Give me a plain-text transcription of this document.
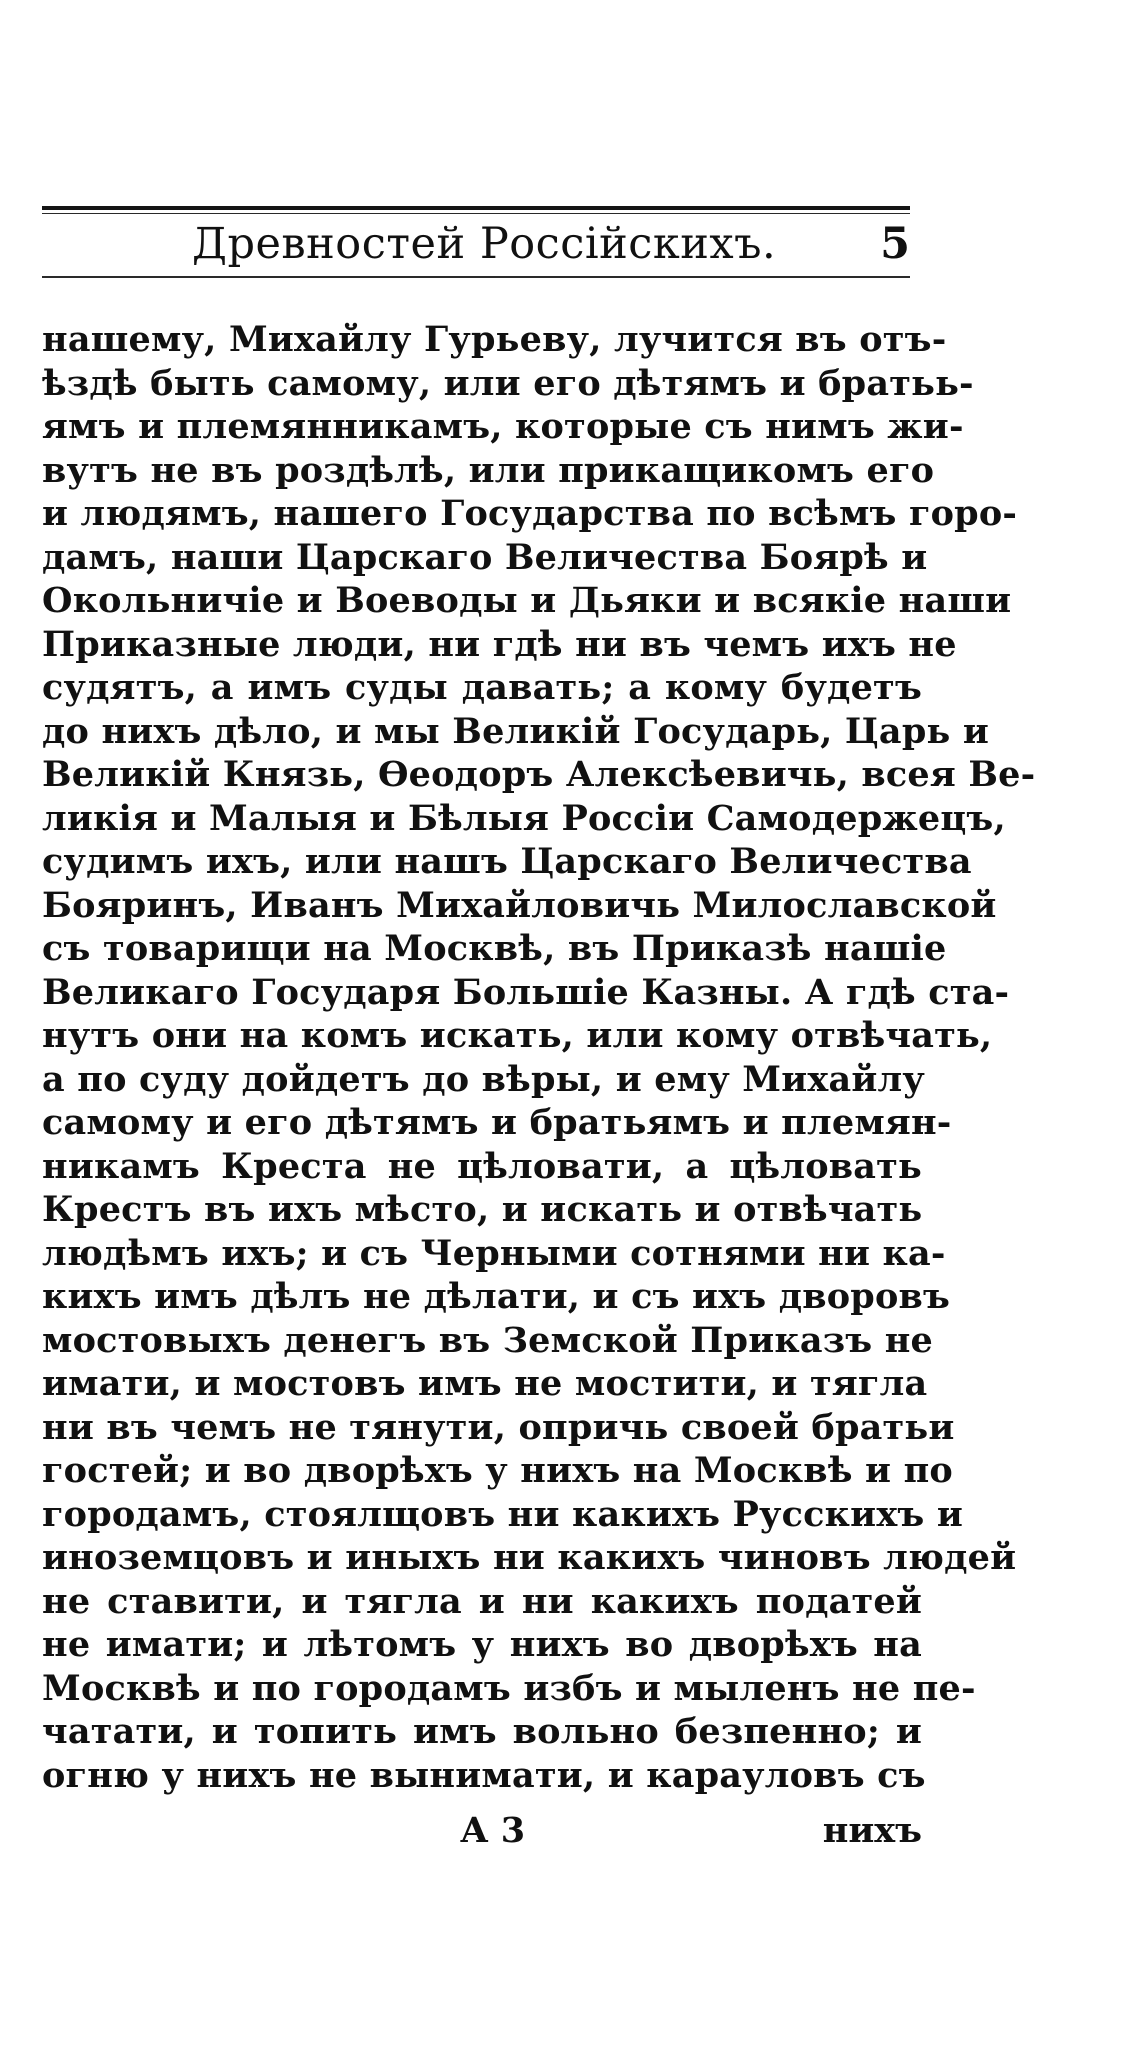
Древностей Россійскихъ. 5
нашему, Михайлу Гурьеву, лучится въ отъ-
ѣздѣ быть самому, или его дѣтямъ и братьь-
ямъ и племянникамъ, которые съ нимъ жи-
вутъ не въ роздѣлѣ, или прикащикомъ его
и людямъ, нашего Государства по всѣмъ горо-
дамъ, наши Царскаго Величества Боярѣ и
Окольничіе и Воеводы и Дьяки и всякіе наши
Приказные люди, ни гдѣ ни въ чемъ ихъ не
судятъ, а имъ суды давать; а кому будетъ
до нихъ дѣло, и мы Великій Государь, Царь и
Великій Князь, Ѳеодоръ Алексѣевичь, всея Ве-
ликія и Малыя и Бѣлыя Россіи Самодержецъ,
судимъ ихъ, или нашъ Царскаго Величества
Бояринъ, Иванъ Михайловичь Милославской
съ товарищи на Москвѣ, въ Приказѣ нашіе
Великаго Государя Большіе Казны. А гдѣ ста-
нутъ они на комъ искать, или кому отвѣчать,
а по суду дойдетъ до вѣры, и ему Михайлу
самому и его дѣтямъ и братьямъ и племян-
никамъ Креста не цѣловати, а цѣловать
Крестъ въ ихъ мѣсто, и искать и отвѣчать
людѣмъ ихъ; и съ Черными сотнями ни ка-
кихъ имъ дѣлъ не дѣлати, и съ ихъ дворовъ
мостовыхъ денегъ въ Земской Приказъ не
имати, и мостовъ имъ не мостити, и тягла
ни въ чемъ не тянути, опричь своей братьи
гостей; и во дворѣхъ у нихъ на Москвѣ и по
городамъ, стоялщовъ ни какихъ Русскихъ и
иноземцовъ и иныхъ ни какихъ чиновъ людей
не ставити, и тягла и ни какихъ податей
не имати; и лѣтомъ у нихъ во дворѣхъ на
Москвѣ и по городамъ избъ и мыленъ не пе-
чатати, и топить имъ вольно безпенно; и
огню у нихъ не вынимати, и карауловъ съ
А 3	нихъ
